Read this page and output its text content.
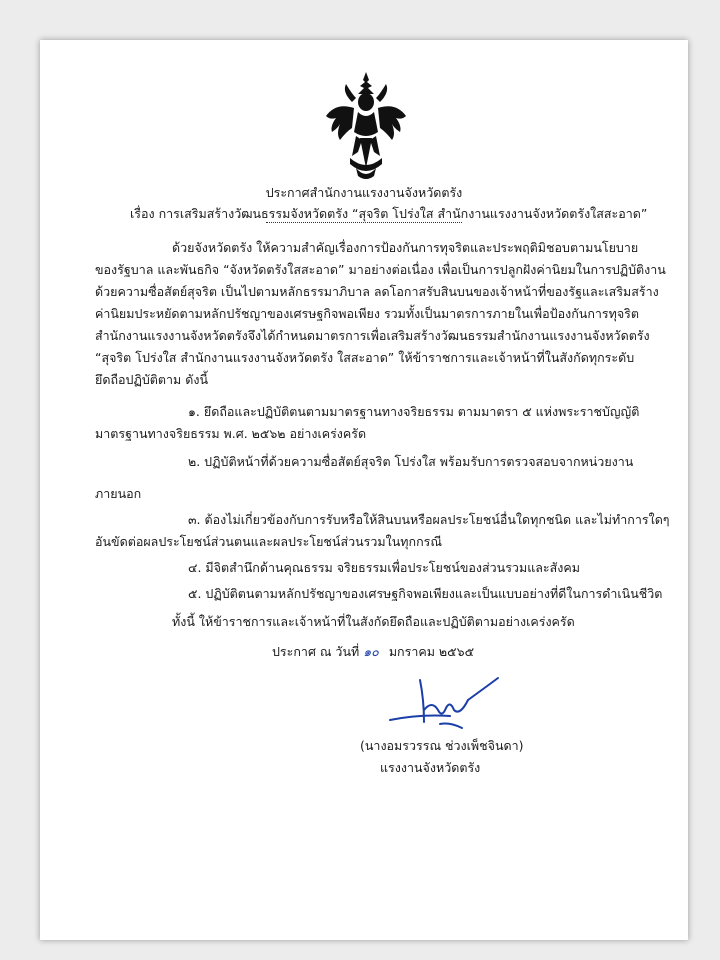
ประกาศสำนักงานแรงงานจังหวัดตรัง
เรื่อง การเสริมสร้างวัฒนธรรมจังหวัดตรัง “สุจริต โปร่งใส สำนักงานแรงงานจังหวัดตรังใสสะอาด”
ด้วยจังหวัดตรัง ให้ความสำคัญเรื่องการป้องกันการทุจริตและประพฤติมิชอบตามนโยบาย
ของรัฐบาล และพันธกิจ “จังหวัดตรังใสสะอาด” มาอย่างต่อเนื่อง เพื่อเป็นการปลูกฝังค่านิยมในการปฏิบัติงาน
ด้วยความซื่อสัตย์สุจริต เป็นไปตามหลักธรรมาภิบาล ลดโอกาสรับสินบนของเจ้าหน้าที่ของรัฐและเสริมสร้าง
ค่านิยมประหยัดตามหลักปรัชญาของเศรษฐกิจพอเพียง รวมทั้งเป็นมาตรการภายในเพื่อป้องกันการทุจริต
สำนักงานแรงงานจังหวัดตรังจึงได้กำหนดมาตรการเพื่อเสริมสร้างวัฒนธรรมสำนักงานแรงงานจังหวัดตรัง
“สุจริต โปร่งใส สำนักงานแรงงานจังหวัดตรัง ใสสะอาด” ให้ข้าราชการและเจ้าหน้าที่ในสังกัดทุกระดับ
ยึดถือปฏิบัติตาม ดังนี้
๑. ยึดถือและปฏิบัติตนตามมาตรฐานทางจริยธรรม ตามมาตรา ๕ แห่งพระราชบัญญัติ
มาตรฐานทางจริยธรรม พ.ศ. ๒๕๖๒ อย่างเคร่งครัด
๒. ปฏิบัติหน้าที่ด้วยความซื่อสัตย์สุจริต โปร่งใส พร้อมรับการตรวจสอบจากหน่วยงาน
ภายนอก
๓. ต้องไม่เกี่ยวข้องกับการรับหรือให้สินบนหรือผลประโยชน์อื่นใดทุกชนิด และไม่ทำการใดๆ
อันขัดต่อผลประโยชน์ส่วนตนและผลประโยชน์ส่วนรวมในทุกกรณี
๔. มีจิตสำนึกด้านคุณธรรม จริยธรรมเพื่อประโยชน์ของส่วนรวมและสังคม
๕. ปฏิบัติตนตามหลักปรัชญาของเศรษฐกิจพอเพียงและเป็นแบบอย่างที่ดีในการดำเนินชีวิต
ทั้งนี้ ให้ข้าราชการและเจ้าหน้าที่ในสังกัดยึดถือและปฏิบัติตามอย่างเคร่งครัด
ประกาศ ณ วันที่ ๑๐ มกราคม ๒๕๖๕
(นางอมรวรรณ ช่วงเพ็ชจินดา)
แรงงานจังหวัดตรัง
